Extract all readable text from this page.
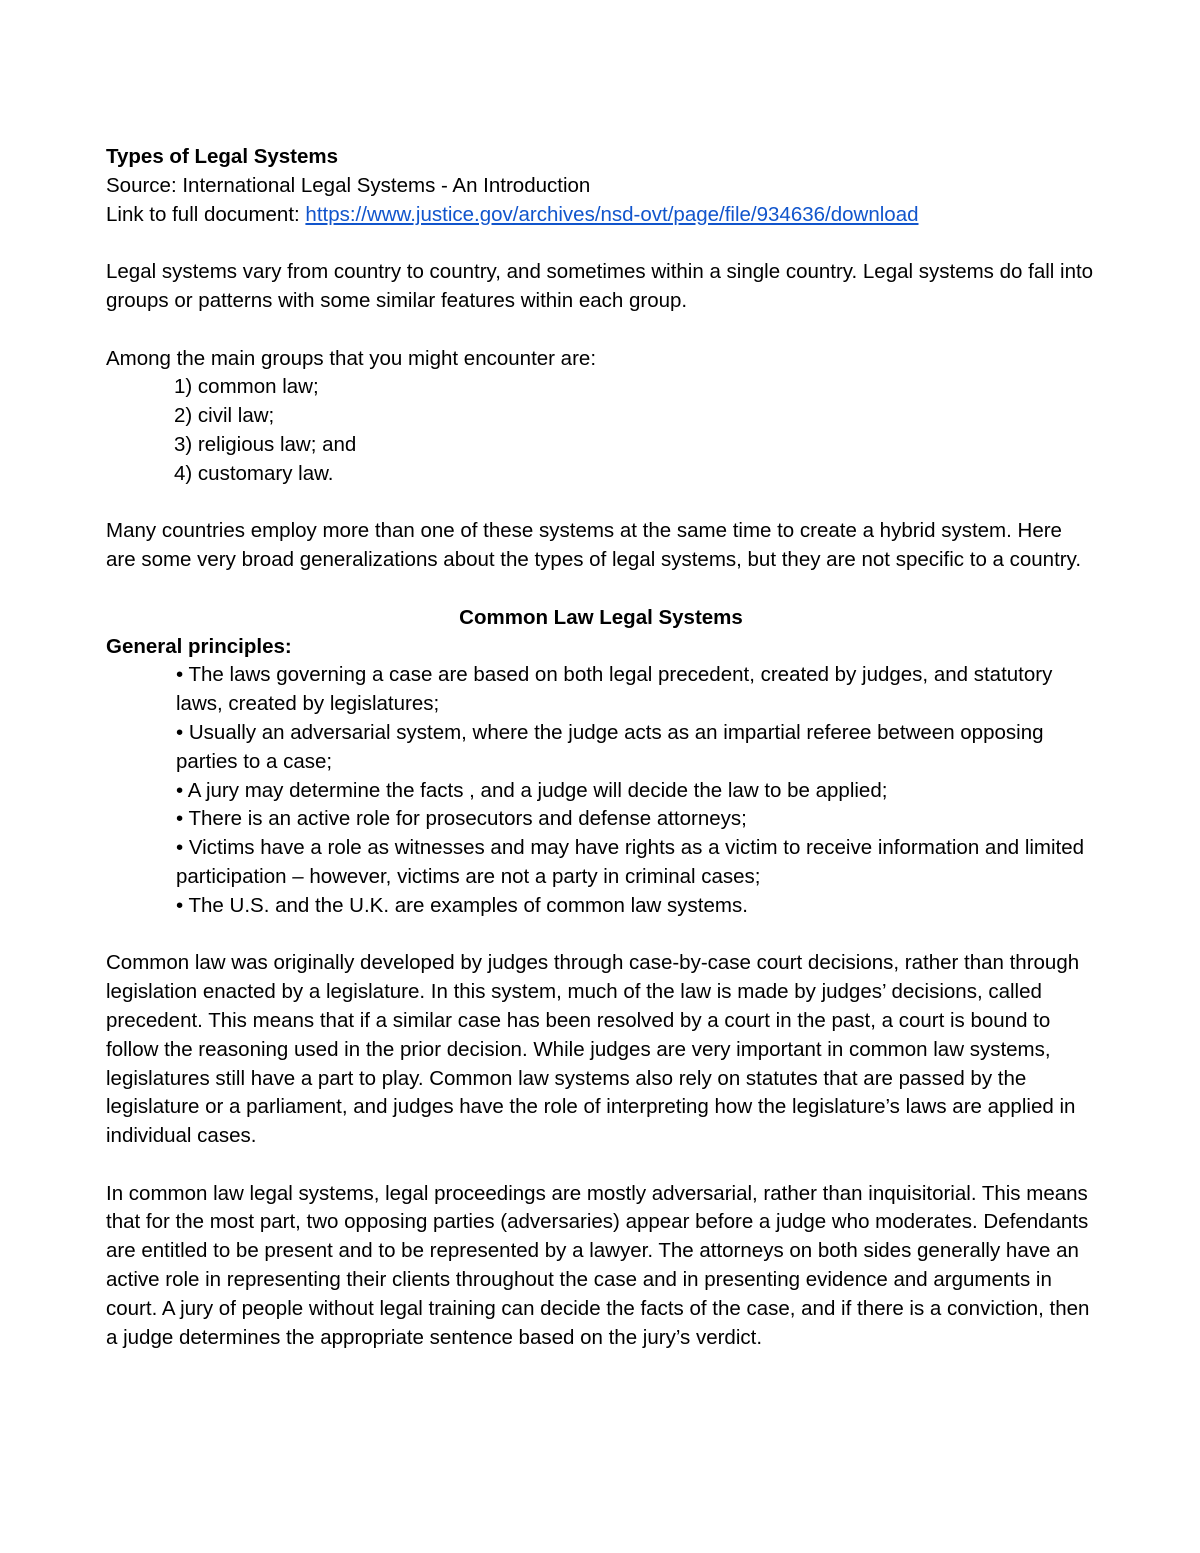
Types of Legal Systems
Source: International Legal Systems - An Introduction
Link to full document: https://www.justice.gov/archives/nsd-ovt/page/file/934636/download

Legal systems vary from country to country, and sometimes within a single country. Legal systems do fall into groups or patterns with some similar features within each group.

Among the main groups that you might encounter are:
1) common law;
2) civil law;
3) religious law; and
4) customary law.

Many countries employ more than one of these systems at the same time to create a hybrid system. Here are some very broad generalizations about the types of legal systems, but they are not specific to a country.

Common Law Legal Systems
General principles:
• The laws governing a case are based on both legal precedent, created by judges, and statutory laws, created by legislatures;
• Usually an adversarial system, where the judge acts as an impartial referee between opposing parties to a case;
• A jury may determine the facts , and a judge will decide the law to be applied;
• There is an active role for prosecutors and defense attorneys;
• Victims have a role as witnesses and may have rights as a victim to receive information and limited participation – however, victims are not a party in criminal cases;
• The U.S. and the U.K. are examples of common law systems.

Common law was originally developed by judges through case-by-case court decisions, rather than through legislation enacted by a legislature. In this system, much of the law is made by judges’ decisions, called precedent. This means that if a similar case has been resolved by a court in the past, a court is bound to follow the reasoning used in the prior decision. While judges are very important in common law systems, legislatures still have a part to play. Common law systems also rely on statutes that are passed by the legislature or a parliament, and judges have the role of interpreting how the legislature’s laws are applied in individual cases.

In common law legal systems, legal proceedings are mostly adversarial, rather than inquisitorial. This means that for the most part, two opposing parties (adversaries) appear before a judge who moderates. Defendants are entitled to be present and to be represented by a lawyer. The attorneys on both sides generally have an active role in representing their clients throughout the case and in presenting evidence and arguments in court. A jury of people without legal training can decide the facts of the case, and if there is a conviction, then a judge determines the appropriate sentence based on the jury’s verdict.
